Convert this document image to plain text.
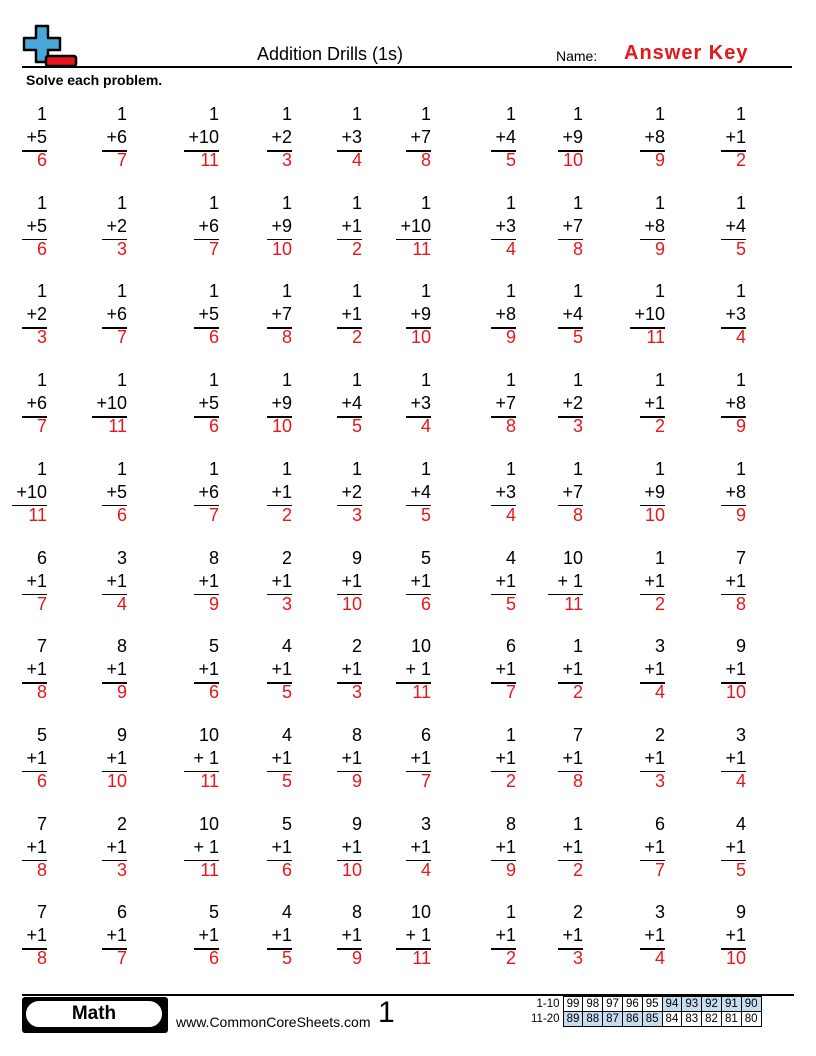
Addition Drills (1s)	Name: Answer Key
Solve each problem.
1
+5
6
1
+6
7
1
+10
11
1
+2
3
1
+3
4
1
+7
8
1
+4
5
1
+9
10
1
+8
9
1
+1
2
1
+5
6
1
+2
3
1
+6
7
1
+9
10
1
+1
2
1
+10
11
1
+3
4
1
+7
8
1
+8
9
1
+4
5
1
+2
3
1
+6
7
1
+5
6
1
+7
8
1
+1
2
1
+9
10
1
+8
9
1
+4
5
1
+10
11
1
+3
4
1
+6
7
1
+10
11
1
+5
6
1
+9
10
1
+4
5
1
+3
4
1
+7
8
1
+2
3
1
+1
2
1
+8
9
1
+10
11
1
+5
6
1
+6
7
1
+1
2
1
+2
3
1
+4
5
1
+3
4
1
+7
8
1
+9
10
1
+8
9
6
+1
7
3
+1
4
8
+1
9
2
+1
3
9
+1
10
5
+1
6
4
+1
5
10
+ 1
11
1
+1
2
7
+1
8
7
+1
8
8
+1
9
5
+1
6
4
+1
5
2
+1
3
10
+ 1
11
6
+1
7
1
+1
2
3
+1
4
9
+1
10
5
+1
6
9
+1
10
10
+ 1
11
4
+1
5
8
+1
9
6
+1
7
1
+1
2
7
+1
8
2
+1
3
3
+1
4
7
+1
8
2
+1
3
10
+ 1
11
5
+1
6
9
+1
10
3
+1
4
8
+1
9
1
+1
2
6
+1
7
4
+1
5
7
+1
8
6
+1
7
5
+1
6
4
+1
5
8
+1
9
10
+ 1
11
1
+1
2
2
+1
3
3
+1
4
9
+1
10
Math	www.CommonCoreSheets.com 1	1-10	99	98	97	96	95	94	93	92	91	90
11-20	89	88	87	86	85	84	83	82	81	80
